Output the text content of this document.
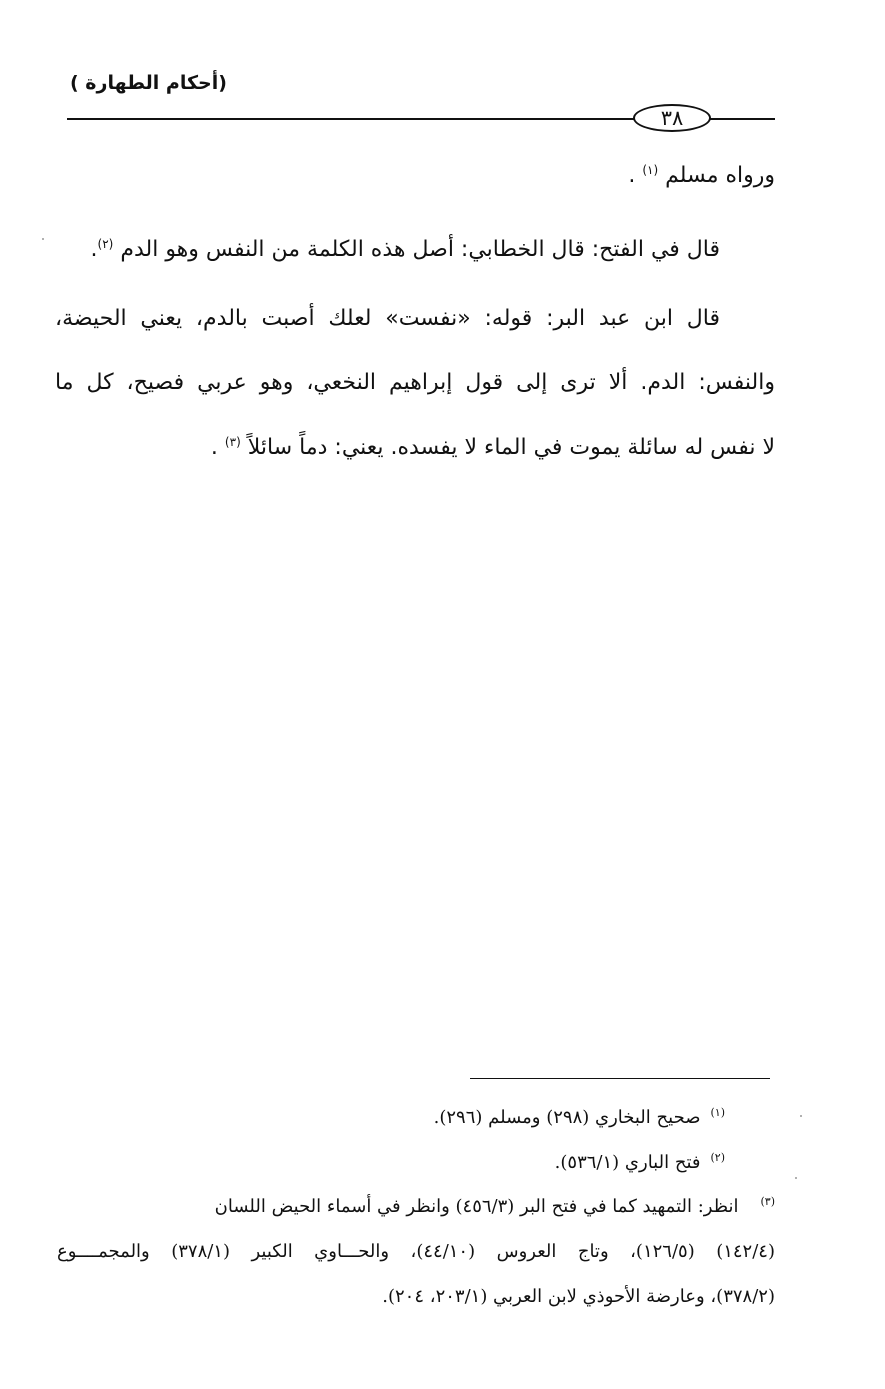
(أحكام الطهارة )
٣٨
ورواه مسلم $^{(١)}$ .
قال في الفتح: قال الخطابي: أصل هذه الكلمة من النفس وهو الدم $^{(٢)}$.
قال ابن عبد البر: قوله: «نفست» لعلك أصبت بالدم، يعني الحيضة،
والنفس: الدم. ألا ترى إلى قول إبراهيم النخعي، وهو عربي فصيح، كل ما
لا نفس له سائلة يموت في الماء لا يفسده. يعني: دماً سائلاً $^{(٣)}$ .
$^{(١)}$صحيح البخاري (٢٩٨) ومسلم (٢٩٦).
$^{(٢)}$فتح الباري (٥٣٦/١).
$^{(٣)}$انظر: التمهيد كما في فتح البر (٤٥٦/٣) وانظر في أسماء الحيض اللسان
(١٤٢/٤) (١٢٦/٥)، وتاج العروس (٤٤/١٠)، والحـــاوي الكبير (٣٧٨/١) والمجمــــوع
(٣٧٨/٢)، وعارضة الأحوذي لابن العربي (٢٠٣/١، ٢٠٤).
